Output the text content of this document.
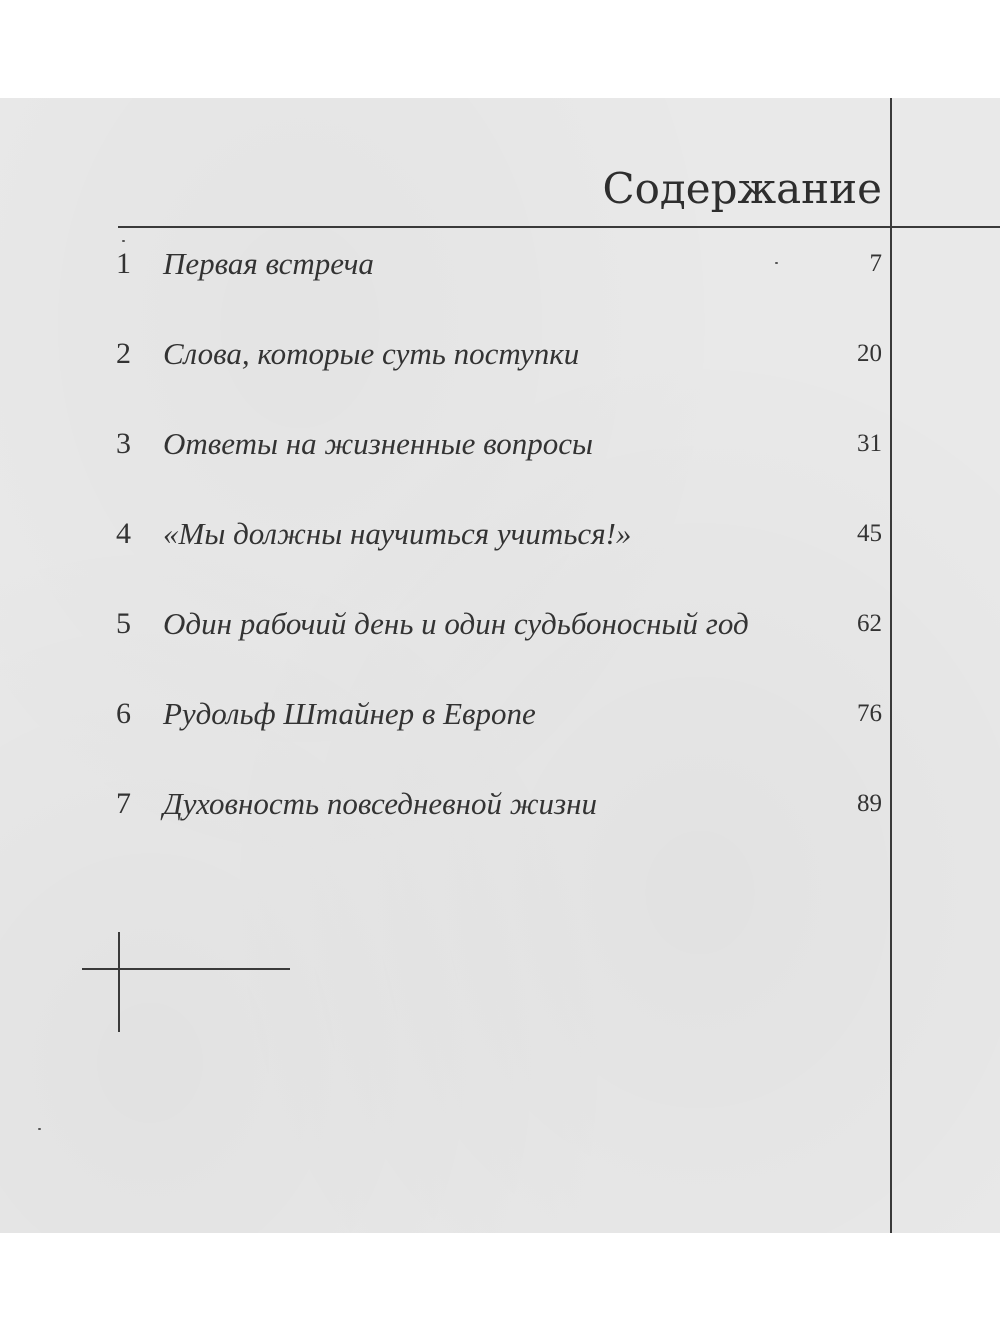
Содержание
1 Первая встреча	7
2 Слова, которые суть поступки	20
3 Ответы на жизненные вопросы	31
4 «Мы должны научиться учиться!»	45
5 Один рабочий день и один судьбоносный год	62
6 Рудольф Штайнер в Европе	76
7 Духовность повседневной жизни	89
